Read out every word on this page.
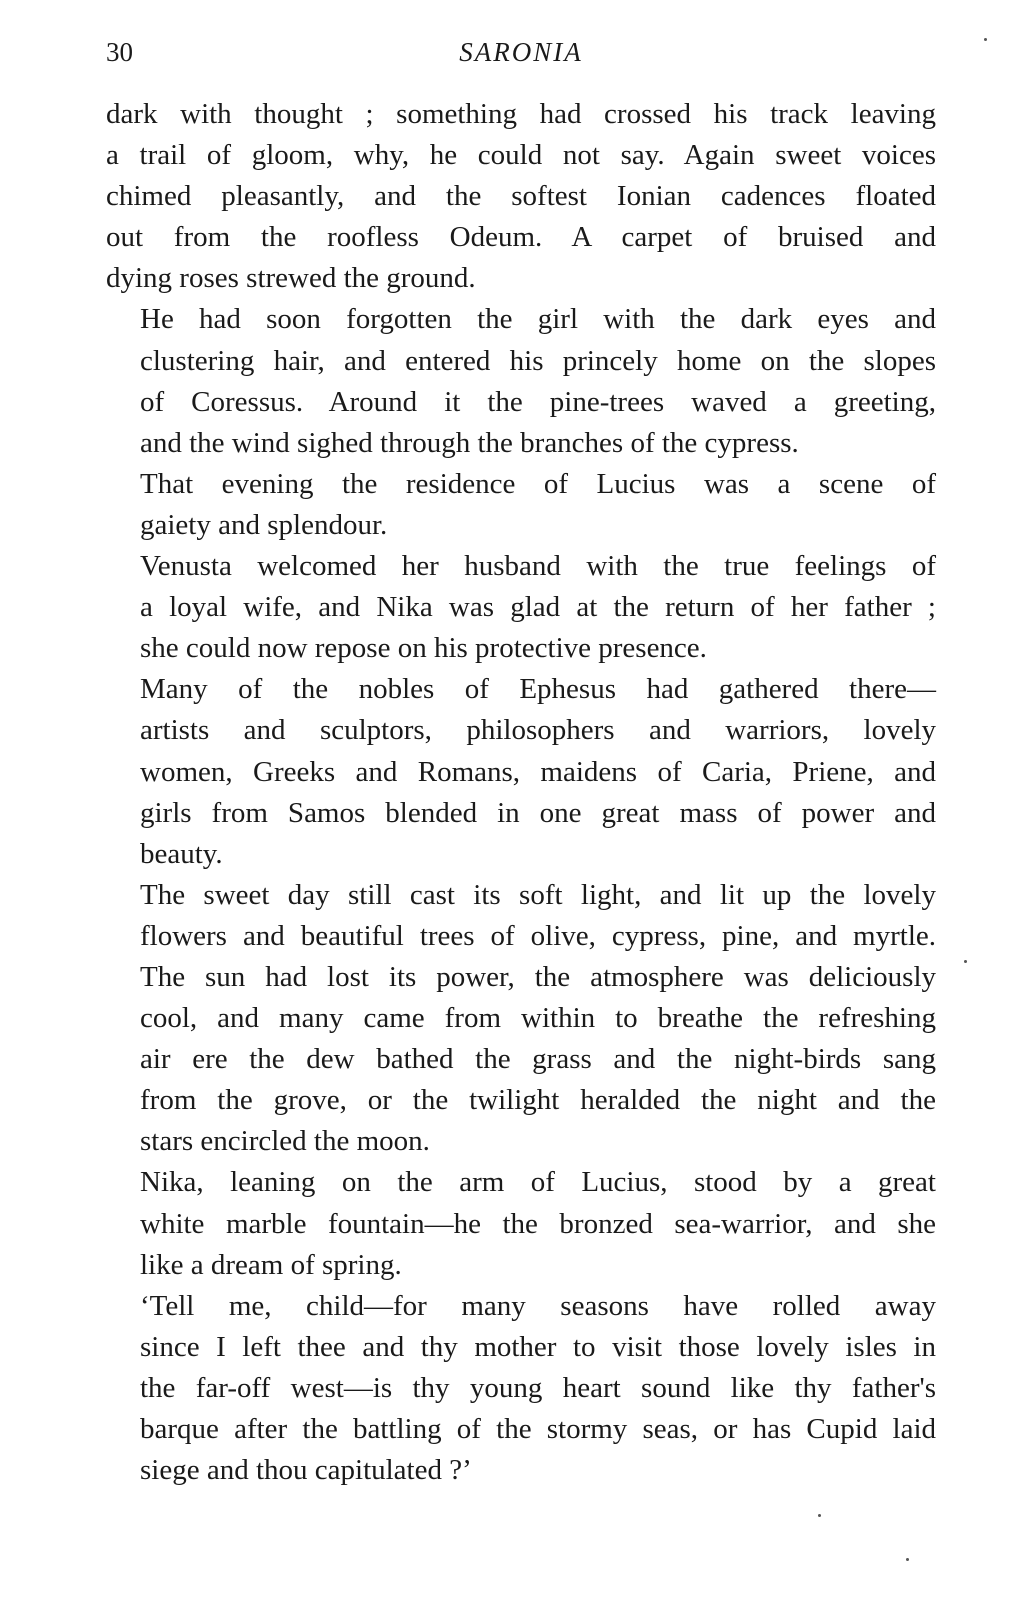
30	SARONIA

dark with thought ; something had crossed his track leaving
a trail of gloom, why, he could not say. Again sweet voices
chimed pleasantly, and the softest Ionian cadences floated
out from the roofless Odeum. A carpet of bruised and
dying roses strewed the ground.

He had soon forgotten the girl with the dark eyes and
clustering hair, and entered his princely home on the slopes
of Coressus. Around it the pine-trees waved a greeting,
and the wind sighed through the branches of the cypress.

That evening the residence of Lucius was a scene of
gaiety and splendour.

Venusta welcomed her husband with the true feelings of
a loyal wife, and Nika was glad at the return of her father ;
she could now repose on his protective presence.

Many of the nobles of Ephesus had gathered there—
artists and sculptors, philosophers and warriors, lovely
women, Greeks and Romans, maidens of Caria, Priene, and
girls from Samos blended in one great mass of power and
beauty.

The sweet day still cast its soft light, and lit up the lovely
flowers and beautiful trees of olive, cypress, pine, and myrtle.
The sun had lost its power, the atmosphere was deliciously
cool, and many came from within to breathe the refreshing
air ere the dew bathed the grass and the night-birds sang
from the grove, or the twilight heralded the night and the
stars encircled the moon.

Nika, leaning on the arm of Lucius, stood by a great
white marble fountain—he the bronzed sea-warrior, and she
like a dream of spring.

‘Tell me, child—for many seasons have rolled away
since I left thee and thy mother to visit those lovely isles in
the far-off west—is thy young heart sound like thy father's
barque after the battling of the stormy seas, or has Cupid laid
siege and thou capitulated ?’
